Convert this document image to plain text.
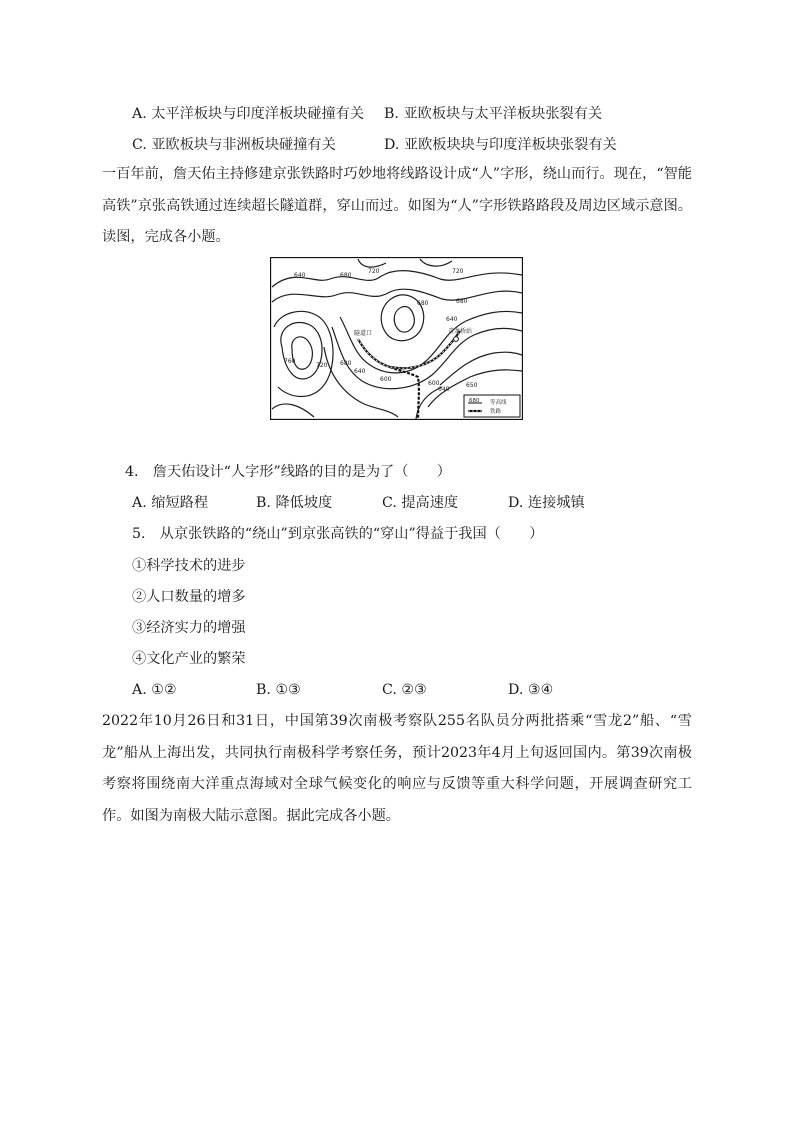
A. 太平洋板块与印度洋板块碰撞有关 B. 亚欧板块与太平洋板块张裂有关
C. 亚欧板块与非洲板块碰撞有关	D. 亚欧板块块与印度洋板块张裂有关
一百年前，詹天佑主持修建京张铁路时巧妙地将线路设计成“人”字形，绕山而行。现在，“智能高铁”京张高铁通过连续超长隧道群，穿山而过。如图为“人”字形铁路路段及周边区域示意图。读图，完成各小题。
640	680
720	720
680	680
640
760
720 680
640
600
600
640
650
隧道口	青龙桥站
680 等高线
铁路
4.　詹天佑设计“人字形”线路的目的是为了（　　）
A. 缩短路程	B. 降低坡度	C. 提高速度	D. 连接城镇
5.　从京张铁路的“绕山”到京张高铁的“穿山”得益于我国（　　）
①科学技术的进步
②人口数量的增多
③经济实力的增强
④文化产业的繁荣
A. ①②	B. ①③	C. ②③	D. ③④
2022年10月26日和31日，中国第39次南极考察队255名队员分两批搭乘“雪龙2”船、“雪龙”船从上海出发，共同执行南极科学考察任务，预计2023年4月上旬返回国内。第39次南极考察将围绕南大洋重点海域对全球气候变化的响应与反馈等重大科学问题，开展调查研究工作。如图为南极大陆示意图。据此完成各小题。
